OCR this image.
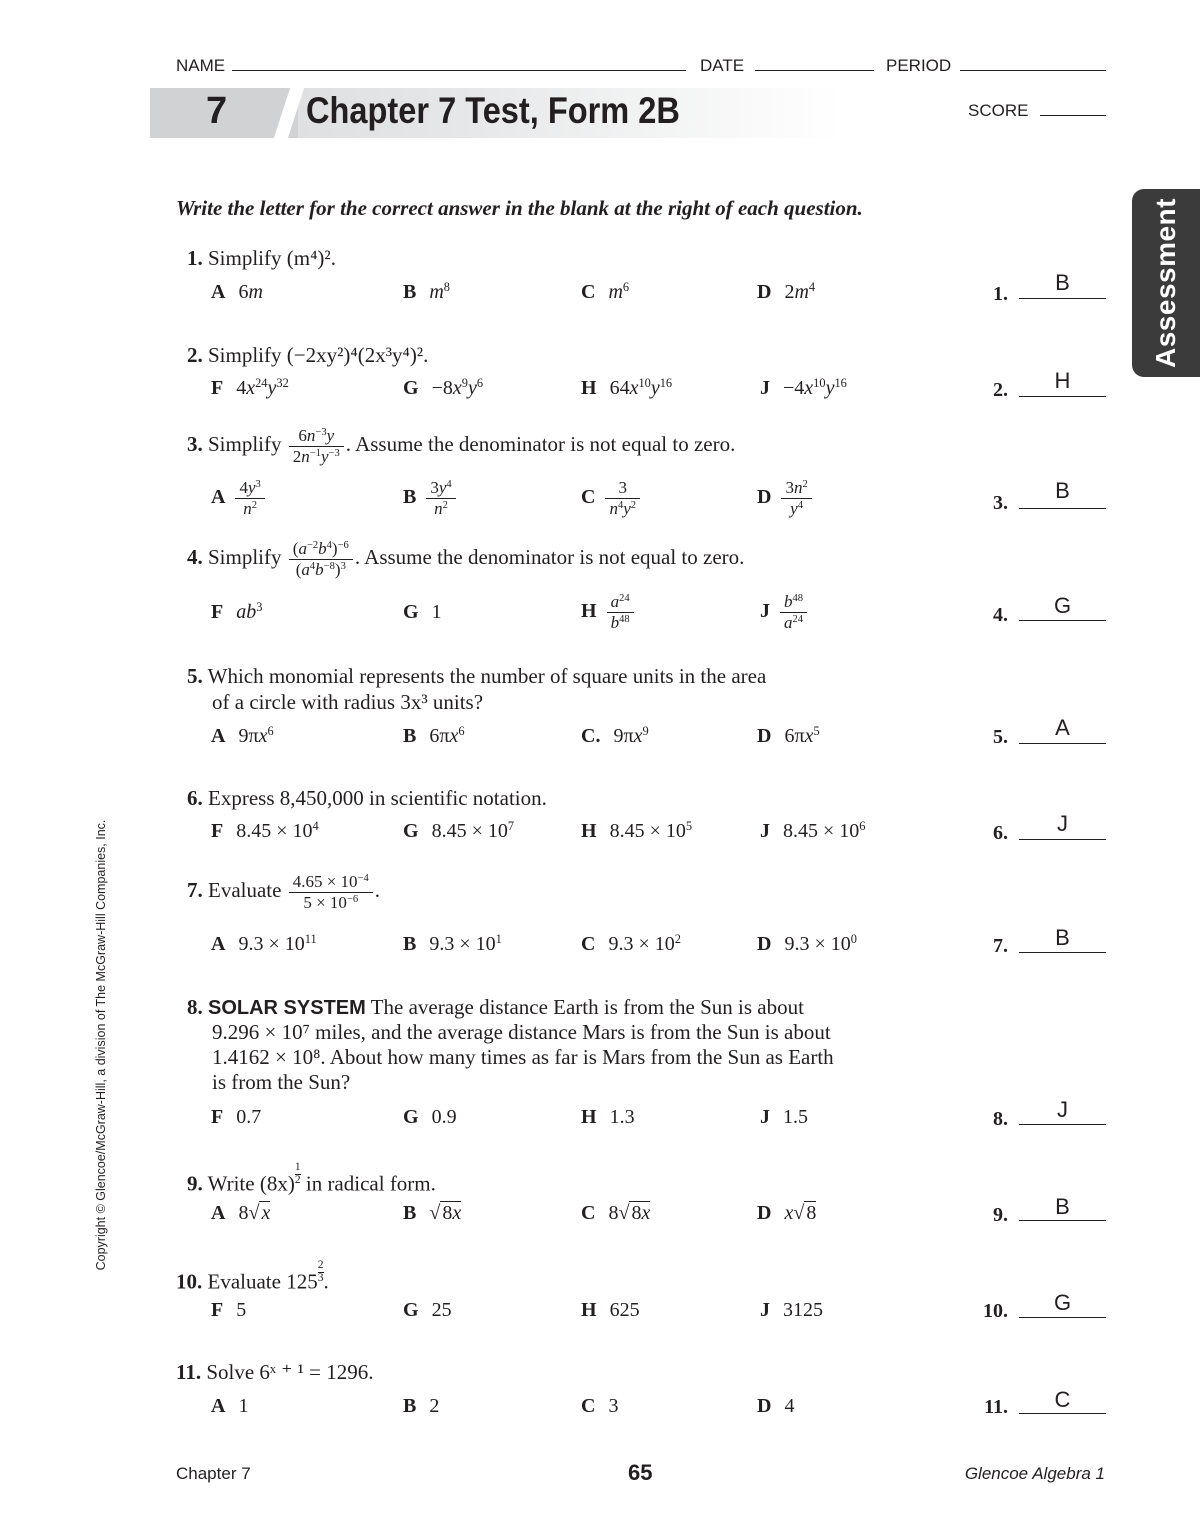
NAME	DATE	PERIOD
7 Chapter 7 Test, Form 2B	SCORE
Assessment
Copyright © Glencoe/McGraw-Hill, a division of The McGraw-Hill Companies, Inc.
Write the letter for the correct answer in the blank at the right of each question.
1. Simplify (m⁴)².
A 6m	B $m^8$	C $m^6$	D $2m^4$	1.	B
2. Simplify (−2xy²)⁴(2x³y⁴)².
F $4x^{24}y^{32}$	$G -8x^9y^6$	H $64x^{10}y^{16}$	$J -4x^{10}y^{16}$	2.	H
3. Simplify $\frac{6n^{-3}y}{2n^{-1}y^{-3}}$ . Assume the denominator is not equal to zero.
A $\frac{4y^3}{n^2}$	B $\frac{3y^4}{n^2}$	C $\frac{3}{n^4y^2}$	D $\frac{3n^2}{y^4}$	3.	B
4. Simplify $\frac{(a^{-2}b^4)^{-6}}{(a^4b^{-8})^3}$ . Assume the denominator is not equal to zero.
F $ab^3$	G 1	H $\frac{a^{24}}{b^{48}}$	J $\frac{b^{48}}{a^{24}}$	4.	G
5. Which monomial represents the number of square units in the area
of a circle with radius 3x³ units?
A $9\pi x^6$	B $6\pi x^6$	C. $9\pi x^9$	D $6\pi x^5$	5.	A
6. Express 8,450,000 in scientific notation.
F $8.45 \times 10^4$	G $8.45 \times 10^7$	H $8.45 \times 10^5$	J $8.45 \times 10^6$	6.	J
7. Evaluate $\frac{4.65 \times 10^{-4}}{5 \times 10^{-6}}$ .
A $9.3 \times 10^{11}$	B $9.3 \times 10^1$	C $9.3 \times 10^2$	D $9.3 \times 10^0$	7.	B
8. SOLAR SYSTEM The average distance Earth is from the Sun is about
9.296 × 10⁷ miles, and the average distance Mars is from the Sun is about
1.4162 × 10⁸. About how many times as far is Mars from the Sun as Earth
is from the Sun?
F 0.7	G 0.9	H 1.3	J 1.5	8.	J
9. Write $(8x) \frac{1}{2}$ in radical form.
A 8√ x	B √ 8x	C 8√ 8x	D x√ 8	9.	B
10. Evaluate $125 \frac{2}{3}$ .
F 5	G 25	H 625	J 3125	10.	G
11. Solve 6ˣ ⁺ ¹ = 1296.
A 1	B 2	C 3	D 4	11.	C
Chapter 7	65	Glencoe Algebra 1
